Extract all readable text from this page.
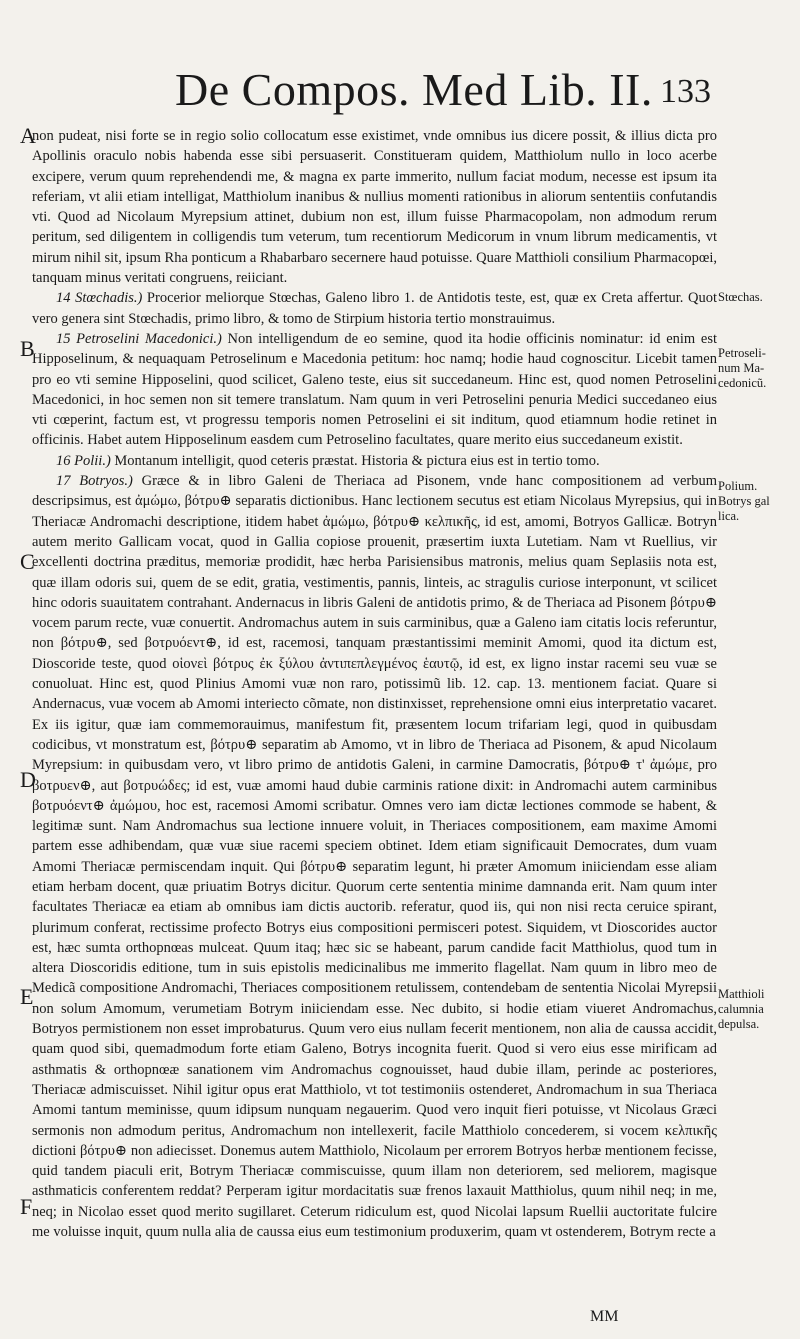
De Compos. Med Lib. II. 133
A
B
C
D
E
F

non pudeat, nisi forte se in regio solio collocatum esse existimet, vnde omnibus ius dicere possit, & illius dicta pro Apollinis oraculo nobis habenda esse sibi persuaserit. Constitueram quidem, Matthiolum nullo in loco acerbe excipere, verum quum reprehendendi me, & magna ex parte immerito, nullum faciat modum, necesse est ipsum ita referiam, vt alii etiam intelligat, Matthiolum inanibus & nullius momenti rationibus in aliorum sententiis confutandis vti. Quod ad Nicolaum Myrepsium attinet, dubium non est, illum fuisse Pharmacopolam, non admodum rerum peritum, sed diligentem in colligendis tum veterum, tum recentiorum Medicorum in vnum librum medicamentis, vt mirum nihil sit, ipsum Rha ponticum a Rhabarbaro secernere haud potuisse. Quare Matthioli consilium Pharmacopœi, tanquam minus veritati congruens, reiiciant.

14 Stœchadis.) Procerior meliorque Stœchas, Galeno libro 1. de Antidotis teste, est, quæ ex Creta affertur. Quot vero genera sint Stœchadis, primo libro, & tomo de Stirpium historia tertio monstrauimus.

15 Petroselini Macedonici.) Non intelligendum de eo semine, quod ita hodie officinis nominatur: id enim est Hipposelinum, & nequaquam Petroselinum e Macedonia petitum: hoc namq; hodie haud cognoscitur. Licebit tamen pro eo vti semine Hipposelini, quod scilicet, Galeno teste, eius sit succedaneum. Hinc est, quod nomen Petroselini Macedonici, in hoc semen non sit temere translatum. Nam quum in veri Petroselini penuria Medici succedaneo eius vti cœperint, factum est, vt progressu temporis nomen Petroselini ei sit inditum, quod etiamnum hodie retinet in officinis. Habet autem Hipposelinum easdem cum Petroselino facultates, quare merito eius succedaneum existit.

16 Polii.) Montanum intelligit, quod ceteris præstat. Historia & pictura eius est in tertio tomo.

17 Botryos.) Græce & in libro Galeni de Theriaca ad Pisonem, vnde hanc compositionem ad verbum descripsimus, est ἀμώμω, βότρυ⊕ separatis dictionibus. Hanc lectionem secutus est etiam Nicolaus Myrepsius, qui in Theriacæ Andromachi descriptione, itidem habet ἀμώμω, βότρυ⊕ κελπικῆς, id est, amomi, Botryos Gallicæ. Botryn autem merito Gallicam vocat, quod in Gallia copiose prouenit, præsertim iuxta Lutetiam. Nam vt Ruellius, vir excellenti doctrina præditus, memoriæ prodidit, hæc herba Parisiensibus matronis, melius quam Seplasiis nota est, quæ illam odoris sui, quem de se edit, gratia, vestimentis, pannis, linteis, ac stragulis curiose interponunt, vt scilicet hinc odoris suauitatem contrahant. Andernacus in libris Galeni de antidotis primo, & de Theriaca ad Pisonem βότρυ⊕ vocem parum recte, vuæ conuertit. Andromachus autem in suis carminibus, quæ a Galeno iam citatis locis referuntur, non βότρυ⊕, sed βοτρυόεντ⊕, id est, racemosi, tanquam præstantissimi meminit Amomi, quod ita dictum est, Dioscoride teste, quod οἱονεὶ βότρυς ἐκ ξύλου ἀντιπεπλεγμένος ἑαυτῷ, id est, ex ligno instar racemi seu vuæ se conuoluat. Hinc est, quod Plinius Amomi vuæ non raro, potissimũ lib. 12. cap. 13. mentionem faciat. Quare si Andernacus, vuæ vocem ab Amomi interiecto cõmate, non distinxisset, reprehensione omni eius interpretatio vacaret. Ex iis igitur, quæ iam commemorauimus, manifestum fit, præsentem locum trifariam legi, quod in quibusdam codicibus, vt monstratum est, βότρυ⊕ separatim ab Amomo, vt in libro de Theriaca ad Pisonem, & apud Nicolaum Myrepsium: in quibusdam vero, vt libro primo de antidotis Galeni, in carmine Damocratis, βότρυ⊕ τ' ἀμώμε, pro βοτρυεν⊕, aut βοτρυώδες; id est, vuæ amomi haud dubie carminis ratione dixit: in Andromachi autem carminibus βοτρυόεντ⊕ ἀμώμου, hoc est, racemosi Amomi scribatur. Omnes vero iam dictæ lectiones commode se habent, & legitimæ sunt. Nam Andromachus sua lectione innuere voluit, in Theriaces compositionem, eam maxime Amomi partem esse adhibendam, quæ vuæ siue racemi speciem obtinet. Idem etiam significauit Democrates, dum vuam Amomi Theriacæ permiscendam inquit. Qui βότρυ⊕ separatim legunt, hi præter Amomum iniiciendam esse aliam etiam herbam docent, quæ priuatim Botrys dicitur. Quorum certe sententia minime damnanda erit. Nam quum inter facultates Theriacæ ea etiam ab omnibus iam dictis auctorib. referatur, quod iis, qui non nisi recta ceruice spirant, plurimum conferat, rectissime profecto Botrys eius compositioni permisceri potest. Siquidem, vt Dioscorides auctor est, hæc sumta orthopnœas mulceat. Quum itaq; hæc sic se habeant, parum candide facit Matthiolus, quod tum in altera Dioscoridis editione, tum in suis epistolis medicinalibus me immerito flagellat. Nam quum in libro meo de Medicã compositione Andromachi, Theriaces compositionem retulissem, contendebam de sententia Nicolai Myrepsii non solum Amomum, verumetiam Botrym iniiciendam esse. Nec dubito, si hodie etiam viueret Andromachus, Botryos permistionem non esset improbaturus. Quum vero eius nullam fecerit mentionem, non alia de caussa accidit, quam quod sibi, quemadmodum forte etiam Galeno, Botrys incognita fuerit. Quod si vero eius esse mirificam ad asthmatis & orthopnœæ sanationem vim Andromachus cognouisset, haud dubie illam, perinde ac posteriores, Theriacæ admiscuisset. Nihil igitur opus erat Matthiolo, vt tot testimoniis ostenderet, Andromachum in sua Theriaca Amomi tantum meminisse, quum idipsum nunquam negauerim. Quod vero inquit fieri potuisse, vt Nicolaus Græci sermonis non admodum peritus, Andromachum non intellexerit, facile Matthiolo concederem, si vocem κελπικῆς dictioni βότρυ⊕ non adiecisset. Donemus autem Matthiolo, Nicolaum per errorem Botryos herbæ mentionem fecisse, quid tandem piaculi erit, Botrym Theriacæ commiscuisse, quum illam non deteriorem, sed meliorem, magisque asthmaticis conferentem reddat? Perperam igitur mordacitatis suæ frenos laxauit Matthiolus, quum nihil neq; in me, neq; in Nicolao esset quod merito sugillaret. Ceterum ridiculum est, quod Nicolai lapsum Ruellii auctoritate fulcire me voluisse inquit, quum nulla alia de caussa eius eum testimonium produxerim, quam vt ostenderem, Botrym recte a

Stœchas.
Petroseli-
num Ma-
cedonicũ.
Polium.
Botrys gal
lica.
Matthioli
calumnia
depulsa.
MM
